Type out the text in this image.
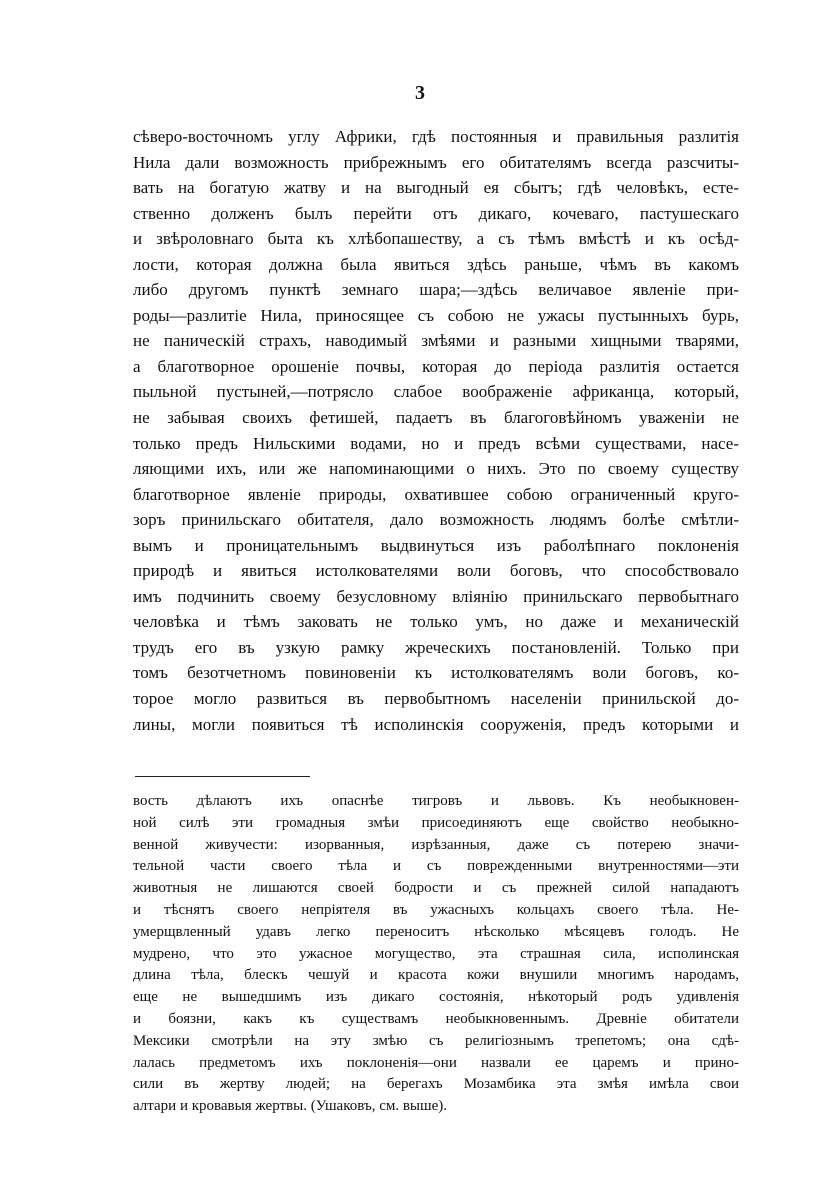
3
сѣверо-восточномъ углу Африки, гдѣ постоянныя и правильныя разлитія
Нила дали возможность прибрежнымъ его обитателямъ всегда разсчиты-
вать на богатую жатву и на выгодный ея сбытъ; гдѣ человѣкъ, есте-
ственно долженъ былъ перейти отъ дикаго, кочеваго, пастушескаго
и звѣроловнаго быта къ хлѣбопашеству, а съ тѣмъ вмѣстѣ и къ осѣд-
лости, которая должна была явиться здѣсь раньше, чѣмъ въ какомъ
либо другомъ пунктѣ земнаго шара;—здѣсь величавое явленіе при-
роды—разлитіе Нила, приносящее съ собою не ужасы пустынныхъ бурь,
не паническій страхъ, наводимый змѣями и разными хищными тварями,
а благотворное орошеніе почвы, которая до періода разлитія остается
пыльной пустыней,—потрясло слабое воображеніе африканца, который,
не забывая своихъ фетишей, падаетъ въ благоговѣйномъ уваженіи не
только предъ Нильскими водами, но и предъ всѣми существами, насе-
ляющими ихъ, или же напоминающими о нихъ. Это по своему существу
благотворное явленіе природы, охватившее собою ограниченный круго-
зоръ принильскаго обитателя, дало возможность людямъ болѣе смѣтли-
вымъ и проницательнымъ выдвинуться изъ раболѣпнаго поклоненія
природѣ и явиться истолкователями воли боговъ, что способствовало
имъ подчинить своему безусловному вліянію принильскаго первобытнаго
человѣка и тѣмъ заковать не только умъ, но даже и механическій
трудъ его въ узкую рамку жреческихъ постановленій. Только при
томъ безотчетномъ повиновеніи къ истолкователямъ воли боговъ, ко-
торое могло развиться въ первобытномъ населеніи принильской до-
лины, могли появиться тѣ исполинскія сооруженія, предъ которыми и
вость дѣлаютъ ихъ опаснѣе тигровъ и львовъ. Къ необыкновен-
ной силѣ эти громадныя змѣи присоединяютъ еще свойство необыкно-
венной живучести: изорванныя, изрѣзанныя, даже съ потерею значи-
тельной части своего тѣла и съ поврежденными внутренностями—эти
животныя не лишаются своей бодрости и съ прежней силой нападаютъ
и тѣснятъ своего непріятеля въ ужасныхъ кольцахъ своего тѣла. Не-
умерщвленный удавъ легко переноситъ нѣсколько мѣсяцевъ голодъ. Не
мудрено, что это ужасное могущество, эта страшная сила, исполинская
длина тѣла, блескъ чешуй и красота кожи внушили многимъ народамъ,
еще не вышедшимъ изъ дикаго состоянія, нѣкоторый родъ удивленія
и боязни, какъ къ существамъ необыкновеннымъ. Древніе обитатели
Мексики смотрѣли на эту змѣю съ религіознымъ трепетомъ; она сдѣ-
лалась предметомъ ихъ поклоненія—они назвали ее царемъ и прино-
сили въ жертву людей; на берегахъ Мозамбика эта змѣя имѣла свои
алтари и кровавыя жертвы. (Ушаковъ, см. выше).
